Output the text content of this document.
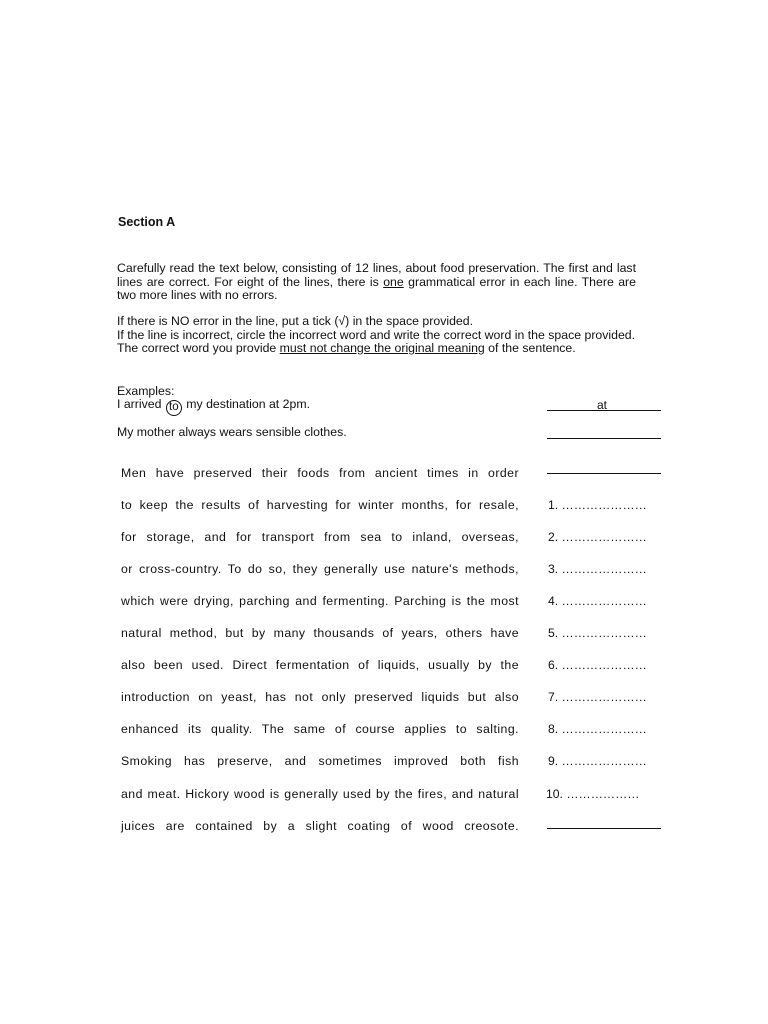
Section A
Carefully read the text below, consisting of 12 lines, about food preservation. The first and last lines are correct. For eight of the lines, there is one grammatical error in each line. There are two more lines with no errors.
If there is NO error in the line, put a tick (√) in the space provided.
If the line is incorrect, circle the incorrect word and write the correct word in the space provided.
The correct word you provide must not change the original meaning of the sentence.
Examples:
I arrived to my destination at 2pm.	at
My mother always wears sensible clothes.
Men have preserved their foods from ancient times in order
to keep the results of harvesting for winter months, for resale, 1. …………………
for storage, and for transport from sea to inland, overseas, 2. …………………
or cross-country. To do so, they generally use nature's methods, 3. …………………
which were drying, parching and fermenting. Parching is the most 4. …………………
natural method, but by many thousands of years, others have 5. …………………
also been used. Direct fermentation of liquids, usually by the 6. …………………
introduction on yeast, has not only preserved liquids but also 7. …………………
enhanced its quality. The same of course applies to salting. 8. …………………
Smoking has preserve, and sometimes improved both fish 9. …………………
and meat. Hickory wood is generally used by the fires, and natural 10. ………………
juices are contained by a slight coating of wood creosote.
